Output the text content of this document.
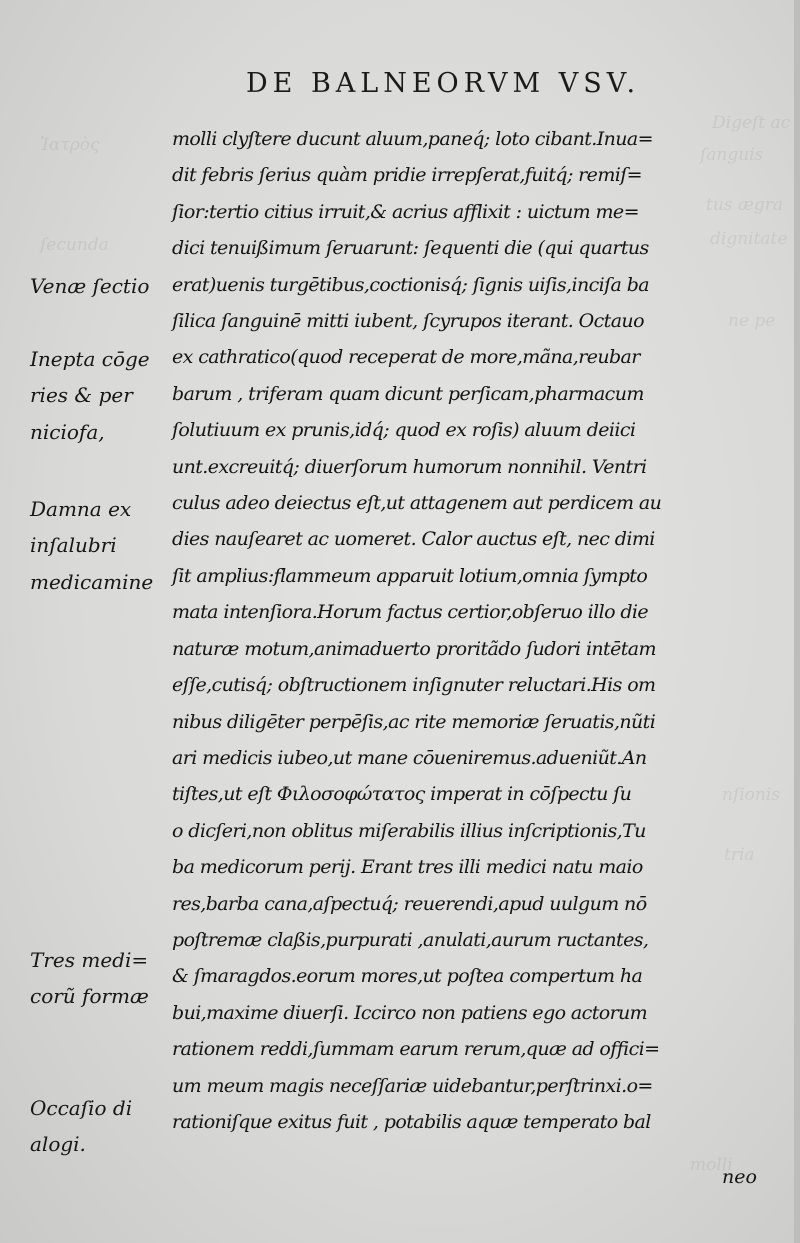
Digeſt ac
ſanguis
tus ægra
dignitate
ne pe
Ἰατρὸς
ſecunda
nſionis
tria
molli
DE BALNEORVM VSV.
Venæ ſectio
Inepta cōge
ries & per
niciofa,
Damna ex
inſalubri
medicamine
Tres medi=
corũ formæ
Occaſio di
alogi.
molli clyſtere ducunt aluum,paneq́; loto cibant.Inua=
dit febris ſerius quàm pridie irrepſerat,fuitq́; remiſ=
ſior:tertio citius irruit,& acrius afflixit : uictum me=
dici tenuißimum ſeruarunt: ſequenti die (qui quartus
erat)uenis turgētibus,coctionisq́; ſignis uiſis,inciſa ba
ſilica ſanguinē mitti iubent, ſcyrupos iterant. Octauo
ex cathratico(quod receperat de more,mãna,reubar
barum , triferam quam dicunt perſicam,pharmacum
ſolutiuum ex prunis,idq́; quod ex roſis) aluum deiici
unt.excreuitq́; diuerſorum humorum nonnihil. Ventri
culus adeo deiectus eſt,ut attagenem aut perdicem au
dies nauſearet ac uomeret. Calor auctus eſt, nec dimi
ſit amplius:flammeum apparuit lotium,omnia ſympto
mata intenſiora.Horum factus certior,obſeruo illo die
naturæ motum,animaduerto proritãdo ſudori intētam
eſſe,cutisq́; obſtructionem inſignuter reluctari.His om
nibus diligēter perpēſis,ac rite memoriæ ſeruatis,nũti
ari medicis iubeo,ut mane cōueniremus.adueniũt.An
tiſtes,ut eſt Φιλοσοφώτατος imperat in cōſpectu ſu
o dicſeri,non oblitus miſerabilis illius inſcriptionis,Tu
ba medicorum perij. Erant tres illi medici natu maio
res,barba cana,aſpectuq́; reuerendi,apud uulgum nō
poſtremæ claßis,purpurati ,anulati,aurum ructantes,
& ſmaragdos.eorum mores,ut poſtea compertum ha
bui,maxime diuerſi. Iccirco non patiens ego actorum
rationem reddi,ſummam earum rerum,quæ ad offici=
um meum magis neceſſariæ uidebantur,perſtrinxi.o=
rationiſque exitus fuit , potabilis aquæ temperato bal
neo
